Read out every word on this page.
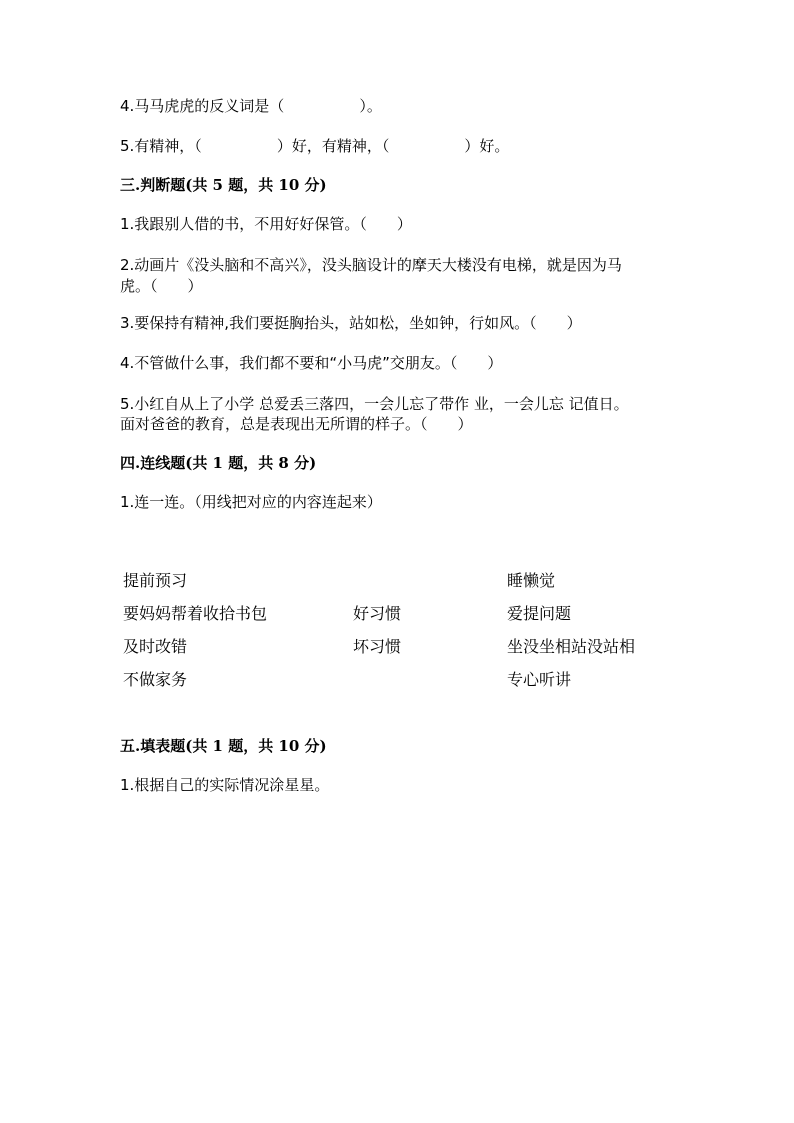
4.马马虎虎的反义词是（　　　　　）。
5.有精神，（　　　　　）好，有精神，（　　　　　）好。
三.判断题(共 5 题，共 10 分)
1.我跟别人借的书，不用好好保管。（　　）
2.动画片《没头脑和不高兴》，没头脑设计的摩天大楼没有电梯，就是因为马
虎。（　　）
3.要保持有精神,我们要挺胸抬头，站如松，坐如钟，行如风。（　　）
4.不管做什么事，我们都不要和“小马虎”交朋友。（　　）
5.小红自从上了小学 总爱丢三落四，一会儿忘了带作 业，一会儿忘 记值日。
面对爸爸的教育，总是表现出无所谓的样子。（　　）
四.连线题(共 1 题，共 8 分)
1.连一连。（用线把对应的内容连起来）
提前预习
要妈妈帮着收拾书包
及时改错
不做家务
好习惯
坏习惯
睡懒觉
爱提问题
坐没坐相站没站相
专心听讲
五.填表题(共 1 题，共 10 分)
1.根据自己的实际情况涂星星。
